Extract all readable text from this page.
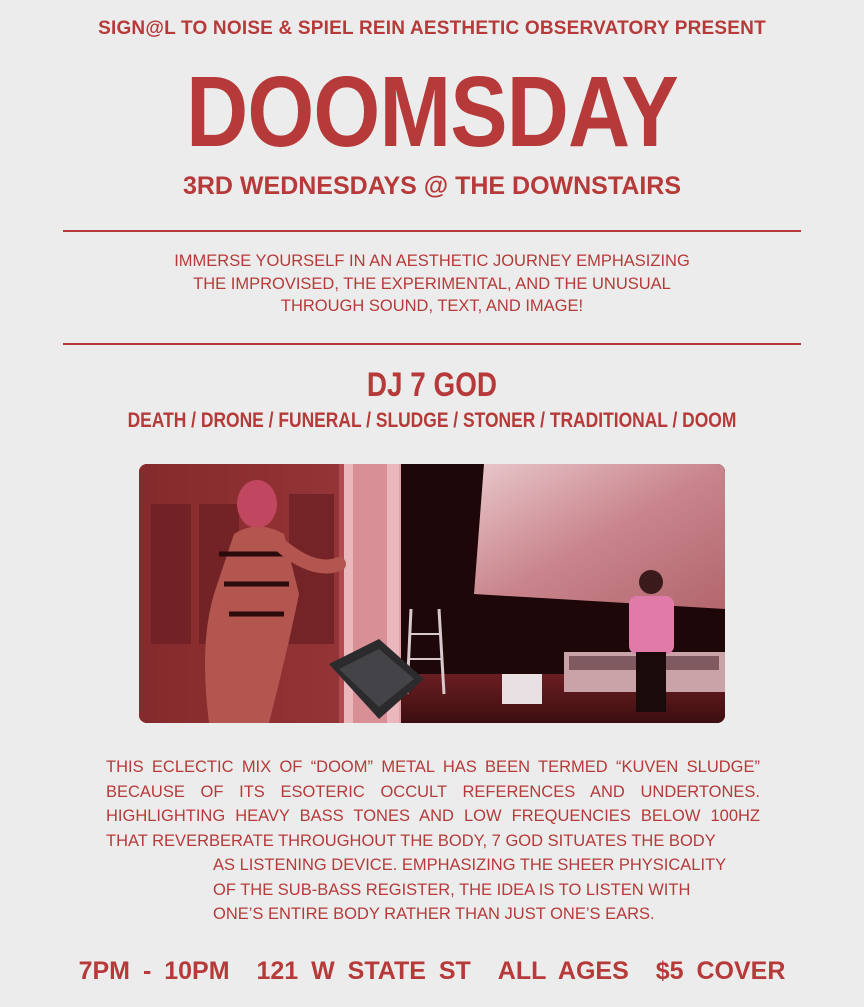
SIGN@L TO NOISE & SPIEL REIN AESTHETIC OBSERVATORY PRESENT
DOOMSDAY
3RD WEDNESDAYS @ THE DOWNSTAIRS
IMMERSE YOURSELF IN AN AESTHETIC JOURNEY EMPHASIZING
THE IMPROVISED, THE EXPERIMENTAL, AND THE UNUSUAL
THROUGH SOUND, TEXT, AND IMAGE!
DJ 7 GOD
DEATH / DRONE / FUNERAL / SLUDGE / STONER / TRADITIONAL / DOOM
THIS ECLECTIC MIX OF “DOOM” METAL HAS BEEN TERMED “KUVEN SLUDGE”
BECAUSE OF ITS ESOTERIC OCCULT REFERENCES AND UNDERTONES.
HIGHLIGHTING HEAVY BASS TONES AND LOW FREQUENCIES BELOW 100HZ
THAT REVERBERATE THROUGHOUT THE BODY, 7 GOD SITUATES THE BODY
AS LISTENING DEVICE. EMPHASIZING THE SHEER PHYSICALITY
OF THE SUB-BASS REGISTER, THE IDEA IS TO LISTEN WITH
ONE’S ENTIRE BODY RATHER THAN JUST ONE’S EARS.
7PM - 10PM 121 W STATE ST ALL AGES $5 COVER
